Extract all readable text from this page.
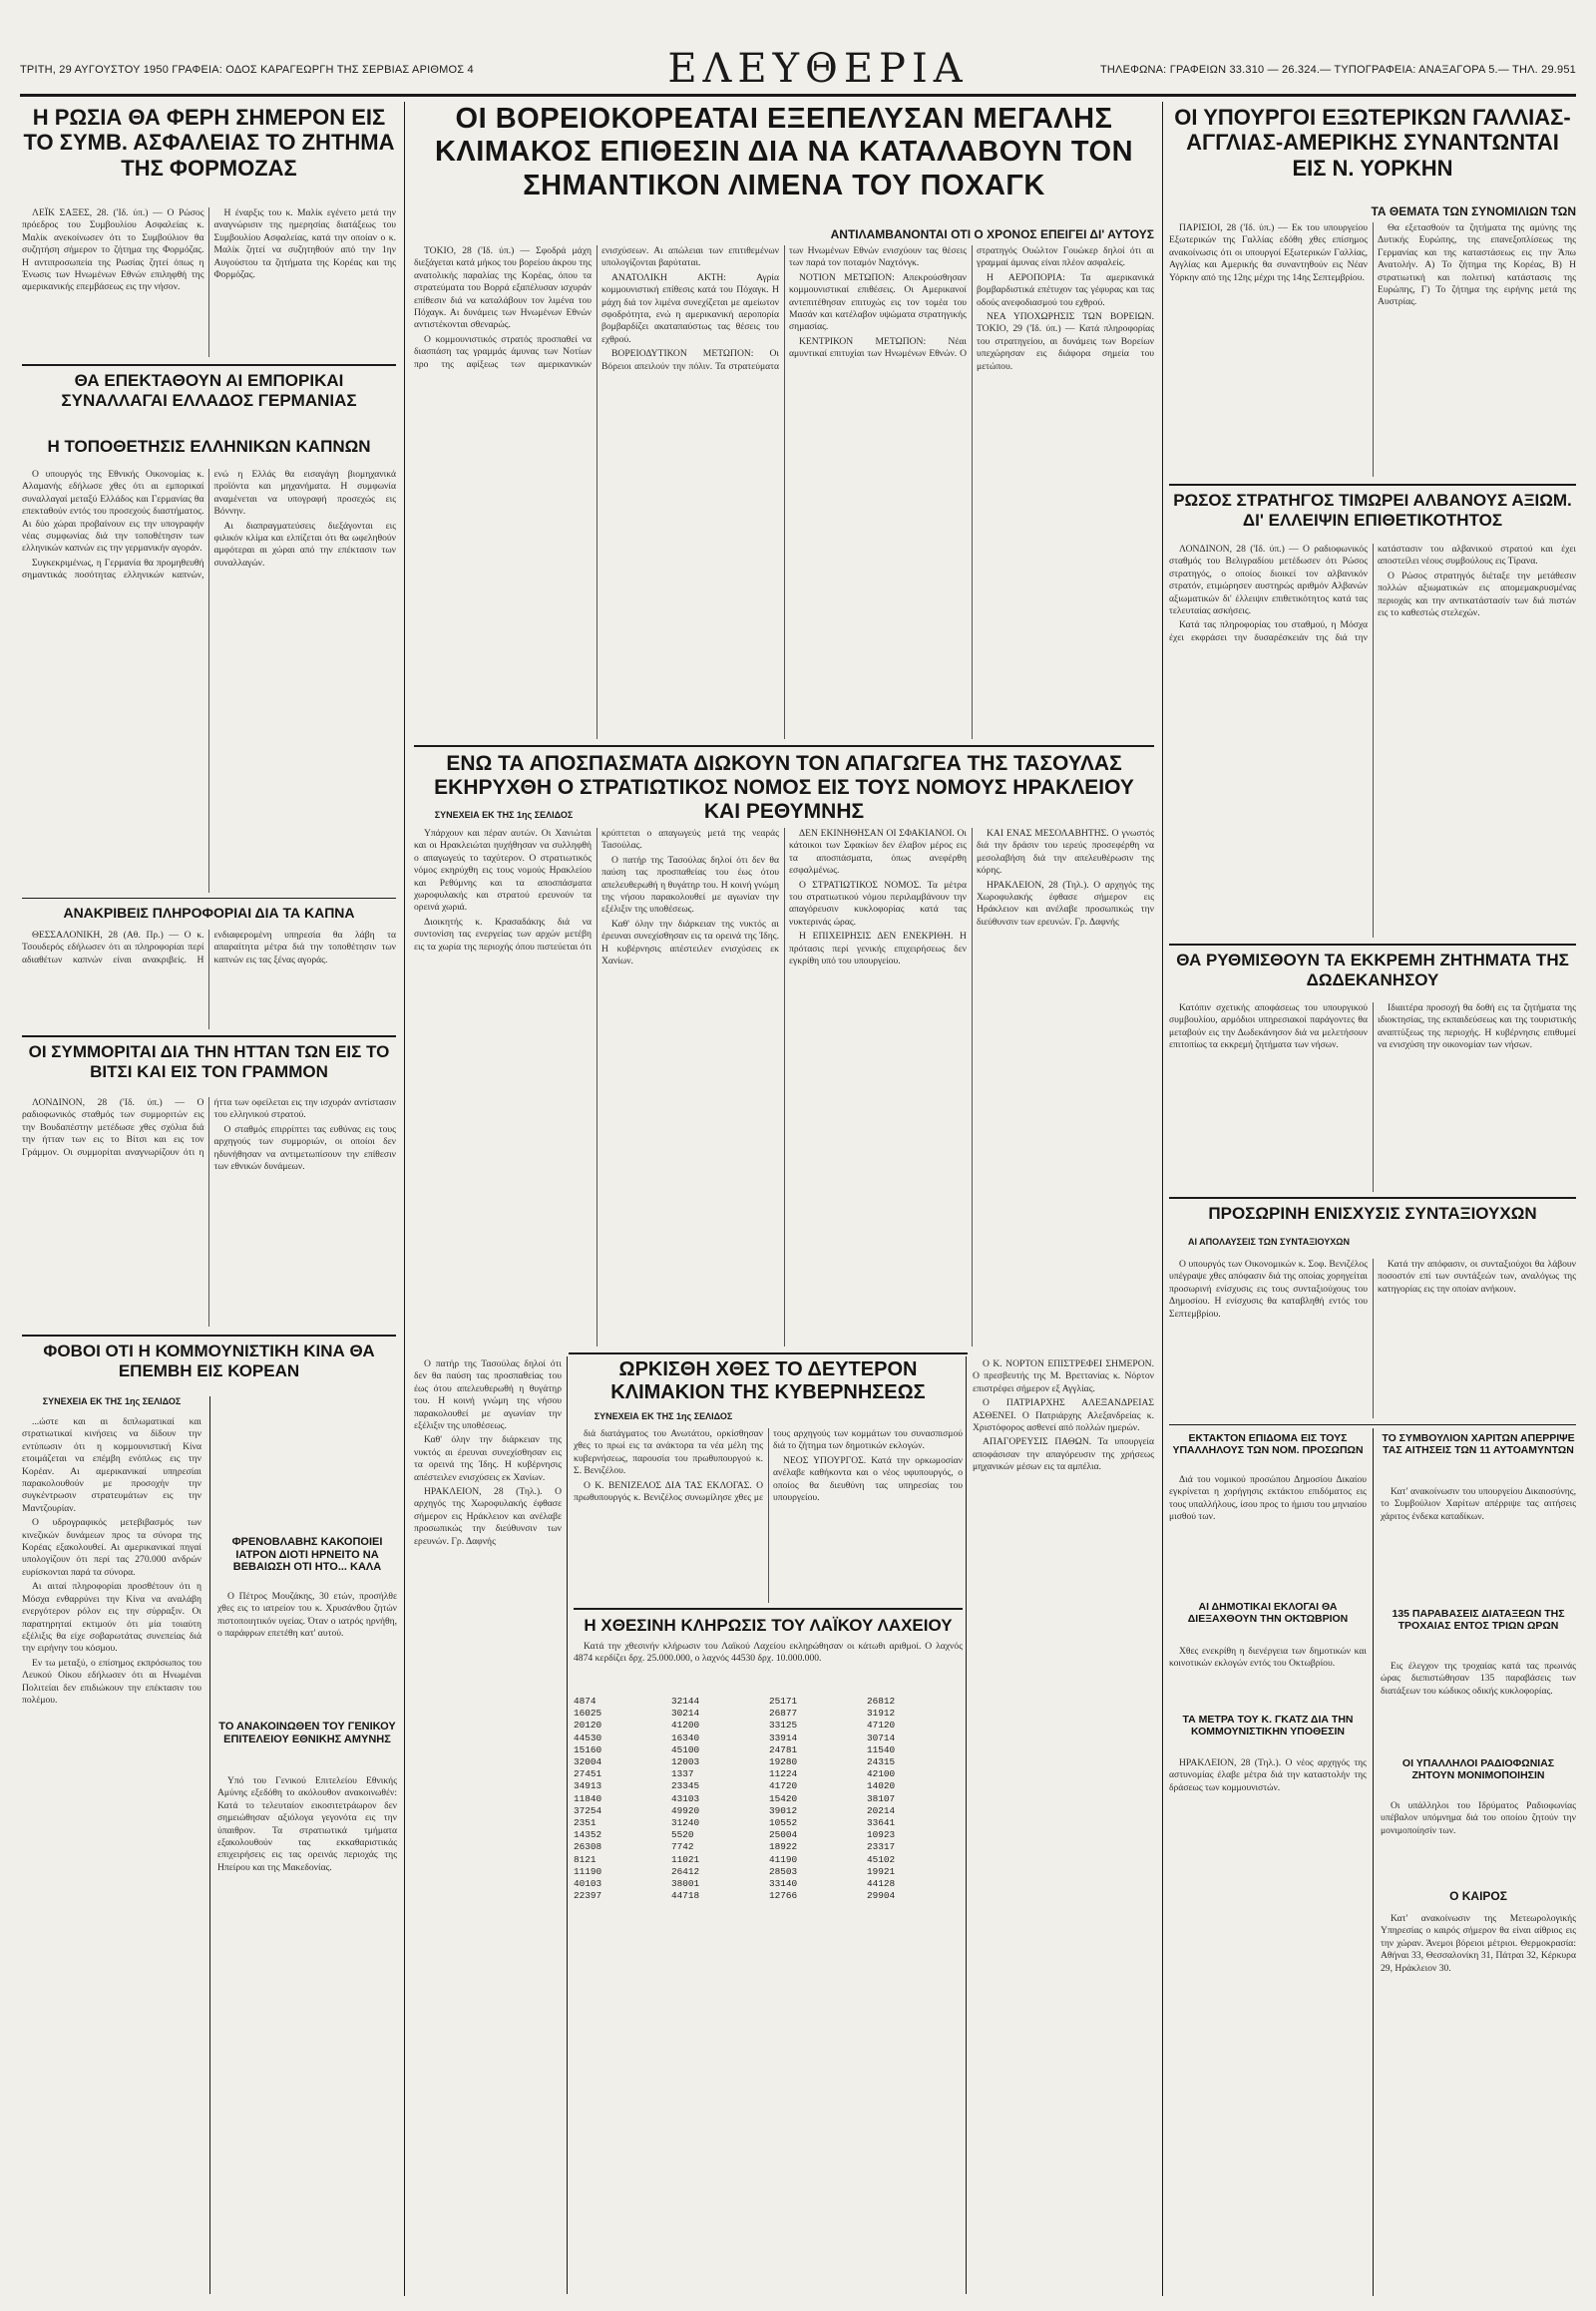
ΤΡΙΤΗ, 29 ΑΥΓΟΥΣΤΟΥ 1950 ΓΡΑΦΕΙΑ: ΟΔΟΣ ΚΑΡΑΓΕΩΡΓΗ ΤΗΣ ΣΕΡΒΙΑΣ ΑΡΙΘΜΟΣ 4	ΕΛΕΥΘΕΡΙΑ	ΤΗΛΕΦΩΝΑ: ΓΡΑΦΕΙΩΝ 33.310 — 26.324.— ΤΥΠΟΓΡΑΦΕΙΑ: ΑΝΑΞΑΓΟΡΑ 5.— ΤΗΛ. 29.951
Η ΡΩΣΙΑ ΘΑ ΦΕΡΗ ΣΗΜΕΡΟΝ ΕΙΣ ΤΟ ΣΥΜΒ. ΑΣΦΑΛΕΙΑΣ ΤΟ ΖΗΤΗΜΑ ΤΗΣ ΦΟΡΜΟΖΑΣ

ΛΕΪΚ ΣΑΞΕΣ, 28. ('Ιδ. ύπ.) — Ο Ρώσος πρόεδρος του Συμβουλίου Ασφαλείας κ. Μαλίκ ανεκοίνωσεν ότι το Συμβούλιον θα συζητήση σήμερον το ζήτημα της Φορμόζας. Η αντιπροσωπεία της Ρωσίας ζητεί όπως η Ένωσις των Ηνωμένων Εθνών επιληφθή της αμερικανικής επεμβάσεως εις την νήσον.

Η έναρξις του κ. Μαλίκ εγένετο μετά την αναγνώρισιν της ημερησίας διατάξεως του Συμβουλίου Ασφαλείας, κατά την οποίαν ο κ. Μαλίκ ζητεί να συζητηθούν από την 1ην Αυγούστου τα ζητήματα της Κορέας και της Φορμόζας.

ΘΑ ΕΠΕΚΤΑΘΟΥΝ ΑΙ ΕΜΠΟΡΙΚΑΙ ΣΥΝΑΛΛΑΓΑΙ ΕΛΛΑΔΟΣ ΓΕΡΜΑΝΙΑΣ
Η ΤΟΠΟΘΕΤΗΣΙΣ ΕΛΛΗΝΙΚΩΝ ΚΑΠΝΩΝ

Ο υπουργός της Εθνικής Οικονομίας κ. Αλαμανής εδήλωσε χθες ότι αι εμπορικαί συναλλαγαί μεταξύ Ελλάδος και Γερμανίας θα επεκταθούν εντός του προσεχούς διαστήματος. Αι δύο χώραι προβαίνουν εις την υπογραφήν νέας συμφωνίας διά την τοποθέτησιν των ελληνικών καπνών εις την γερμανικήν αγοράν.

Συγκεκριμένως, η Γερμανία θα προμηθευθή σημαντικάς ποσότητας ελληνικών καπνών, ενώ η Ελλάς θα εισαγάγη βιομηχανικά προϊόντα και μηχανήματα. Η συμφωνία αναμένεται να υπογραφή προσεχώς εις Βόννην.

Αι διαπραγματεύσεις διεξάγονται εις φιλικόν κλίμα και ελπίζεται ότι θα ωφεληθούν αμφότεραι αι χώραι από την επέκτασιν των συναλλαγών.

ΑΝΑΚΡΙΒΕΙΣ ΠΛΗΡΟΦΟΡΙΑΙ ΔΙΑ ΤΑ ΚΑΠΝΑ

ΘΕΣΣΑΛΟΝΙΚΗ, 28 (Αθ. Πρ.) — Ο κ. Τσουδερός εδήλωσεν ότι αι πληροφορίαι περί αδιαθέτων καπνών είναι ανακριβείς. Η ενδιαφερομένη υπηρεσία θα λάβη τα απαραίτητα μέτρα διά την τοποθέτησιν των καπνών εις τας ξένας αγοράς.

ΟΙ ΣΥΜΜΟΡΙΤΑΙ ΔΙΑ ΤΗΝ ΗΤΤΑΝ ΤΩΝ ΕΙΣ ΤΟ ΒΙΤΣΙ ΚΑΙ ΕΙΣ ΤΟΝ ΓΡΑΜΜΟΝ

ΛΟΝΔΙΝΟΝ, 28 ('Ιδ. ύπ.) — Ο ραδιοφωνικός σταθμός των συμμοριτών εις την Βουδαπέστην μετέδωσε χθες σχόλια διά την ήτταν των εις το Βίτσι και εις τον Γράμμον. Οι συμμορίται αναγνωρίζουν ότι η ήττα των οφείλεται εις την ισχυράν αντίστασιν του ελληνικού στρατού.

Ο σταθμός επιρρίπτει τας ευθύνας εις τους αρχηγούς των συμμοριών, οι οποίοι δεν ηδυνήθησαν να αντιμετωπίσουν την επίθεσιν των εθνικών δυνάμεων.

ΦΟΒΟΙ ΟΤΙ Η ΚΟΜΜΟΥΝΙΣΤΙΚΗ ΚΙΝΑ ΘΑ ΕΠΕΜΒΗ ΕΙΣ ΚΟΡΕΑΝ
ΣΥΝΕΧΕΙΑ ΕΚ ΤΗΣ 1ης ΣΕΛΙΔΟΣ

...ώστε και αι διπλωματικαί και στρατιωτικαί κινήσεις να δίδουν την εντύπωσιν ότι η κομμουνιστική Κίνα ετοιμάζεται να επέμβη ενόπλως εις την Κορέαν. Αι αμερικανικαί υπηρεσίαι παρακολουθούν με προσοχήν την συγκέντρωσιν στρατευμάτων εις την Μαντζουρίαν.

Ο υδρογραφικός μετεβιβασμός των κινεζικών δυνάμεων προς τα σύνορα της Κορέας εξακολουθεί. Αι αμερικανικαί πηγαί υπολογίζουν ότι περί τας 270.000 ανδρών ευρίσκονται παρά τα σύνορα.

Αι αιταί πληροφορίαι προσθέτουν ότι η Μόσχα ενθαρρύνει την Κίνα να αναλάβη ενεργότερον ρόλον εις την σύρραξιν. Οι παρατηρηταί εκτιμούν ότι μία τοιαύτη εξέλιξις θα είχε σοβαρωτάτας συνεπείας διά την ειρήνην του κόσμου.

Εν τω μεταξύ, ο επίσημος εκπρόσωπος του Λευκού Οίκου εδήλωσεν ότι αι Ηνωμέναι Πολιτείαι δεν επιδιώκουν την επέκτασιν του πολέμου.

ΦΡΕΝΟΒΛΑΒΗΣ ΚΑΚΟΠΟΙΕΙ ΙΑΤΡΟΝ ΔΙΟΤΙ ΗΡΝΕΙΤΟ ΝΑ ΒΕΒΑΙΩΣΗ ΟΤΙ ΗΤΟ... ΚΑΛΑ

Ο Πέτρος Μουζάκης, 30 ετών, προσήλθε χθες εις το ιατρείον του κ. Χρυσάνθου ζητών πιστοποιητικόν υγείας. Όταν ο ιατρός ηρνήθη, ο παράφρων επετέθη κατ' αυτού.

ΤΟ ΑΝΑΚΟΙΝΩΘΕΝ ΤΟΥ ΓΕΝΙΚΟΥ ΕΠΙΤΕΛΕΙΟΥ ΕΘΝΙΚΗΣ ΑΜΥΝΗΣ

Υπό του Γενικού Επιτελείου Εθνικής Αμύνης εξεδόθη το ακόλουθον ανακοινωθέν: Κατά το τελευταίον εικοσιτετράωρον δεν σημειώθησαν αξιόλογα γεγονότα εις την ύπαιθρον. Τα στρατιωτικά τμήματα εξακολουθούν τας εκκαθαριστικάς επιχειρήσεις εις τας ορεινάς περιοχάς της Ηπείρου και της Μακεδονίας.

ΟΙ ΒΟΡΕΙΟΚΟΡΕΑΤΑΙ ΕΞΕΠΕΛΥΣΑΝ ΜΕΓΑΛΗΣ ΚΛΙΜΑΚΟΣ ΕΠΙΘΕΣΙΝ ΔΙΑ ΝΑ ΚΑΤΑΛΑΒΟΥΝ ΤΟΝ ΣΗΜΑΝΤΙΚΟΝ ΛΙΜΕΝΑ ΤΟΥ ΠΟΧΑΓΚ
ΑΝΤΙΛΑΜΒΑΝΟΝΤΑΙ ΟΤΙ Ο ΧΡΟΝΟΣ ΕΠΕΙΓΕΙ ΔΙ' ΑΥΤΟΥΣ

ΤΟΚΙΟ, 28 ('Ιδ. ύπ.) — Σφοδρά μάχη διεξάγεται κατά μήκος του βορείου άκρου της ανατολικής παραλίας της Κορέας, όπου τα στρατεύματα του Βορρά εξαπέλυσαν ισχυράν επίθεσιν διά να καταλάβουν τον λιμένα του Πόχαγκ. Αι δυνάμεις των Ηνωμένων Εθνών αντιστέκονται σθεναρώς.

Ο κομμουνιστικός στρατός προσπαθεί να διασπάση τας γραμμάς άμυνας των Νοτίων προ της αφίξεως των αμερικανικών ενισχύσεων. Αι απώλειαι των επιτιθεμένων υπολογίζονται βαρύταται.

ΑΝΑΤΟΛΙΚΗ ΑΚΤΗ: Αγρία κομμουνιστική επίθεσις κατά του Πόχαγκ. Η μάχη διά τον λιμένα συνεχίζεται με αμείωτον σφοδρότητα, ενώ η αμερικανική αεροπορία βομβαρδίζει ακαταπαύστως τας θέσεις του εχθρού.

ΒΟΡΕΙΟΔΥΤΙΚΟΝ ΜΕΤΩΠΟΝ: Οι Βόρειοι απειλούν την πόλιν. Τα στρατεύματα των Ηνωμένων Εθνών ενισχύουν τας θέσεις των παρά τον ποταμόν Ναχτόνγκ.

ΝΟΤΙΟΝ ΜΕΤΩΠΟΝ: Απεκρούσθησαν κομμουνιστικαί επιθέσεις. Οι Αμερικανοί αντεπιτέθησαν επιτυχώς εις τον τομέα του Μασάν και κατέλαβον υψώματα στρατηγικής σημασίας.

ΚΕΝΤΡΙΚΟΝ ΜΕΤΩΠΟΝ: Νέαι αμυντικαί επιτυχίαι των Ηνωμένων Εθνών. Ο στρατηγός Ουώλτον Γουώκερ δηλοί ότι αι γραμμαί άμυνας είναι πλέον ασφαλείς.

Η ΑΕΡΟΠΟΡΙΑ: Τα αμερικανικά βομβαρδιστικά επέτυχον τας γέφυρας και τας οδούς ανεφοδιασμού του εχθρού.

ΝΕΑ ΥΠΟΧΩΡΗΣΙΣ ΤΩΝ ΒΟΡΕΙΩΝ. ΤΟΚΙΟ, 29 ('Ιδ. ύπ.) — Κατά πληροφορίας του στρατηγείου, αι δυνάμεις των Βορείων υπεχώρησαν εις διάφορα σημεία του μετώπου.

ΟΙ ΥΠΟΥΡΓΟΙ ΕΞΩΤΕΡΙΚΩΝ ΓΑΛΛΙΑΣ-ΑΓΓΛΙΑΣ-ΑΜΕΡΙΚΗΣ ΣΥΝΑΝΤΩΝΤΑΙ ΕΙΣ Ν. ΥΟΡΚΗΝ
ΤΑ ΘΕΜΑΤΑ ΤΩΝ ΣΥΝΟΜΙΛΙΩΝ ΤΩΝ

ΠΑΡΙΣΙΟΙ, 28 ('Ιδ. ύπ.) — Εκ του υπουργείου Εξωτερικών της Γαλλίας εδόθη χθες επίσημος ανακοίνωσις ότι οι υπουργοί Εξωτερικών Γαλλίας, Αγγλίας και Αμερικής θα συναντηθούν εις Νέαν Υόρκην από της 12ης μέχρι της 14ης Σεπτεμβρίου.

Θα εξετασθούν τα ζητήματα της αμύνης της Δυτικής Ευρώπης, της επανεξοπλίσεως της Γερμανίας και της καταστάσεως εις την Άπω Ανατολήν. Α) Το ζήτημα της Κορέας, Β) Η στρατιωτική και πολιτική κατάστασις της Ευρώπης, Γ) Το ζήτημα της ειρήνης μετά της Αυστρίας.

ΡΩΣΟΣ ΣΤΡΑΤΗΓΟΣ ΤΙΜΩΡΕΙ ΑΛΒΑΝΟΥΣ ΑΞΙΩΜ. ΔΙ' ΕΛΛΕΙΨΙΝ ΕΠΙΘΕΤΙΚΟΤΗΤΟΣ

ΛΟΝΔΙΝΟΝ, 28 ('Ιδ. ύπ.) — Ο ραδιοφωνικός σταθμός του Βελιγραδίου μετέδωσεν ότι Ρώσος στρατηγός, ο οποίος διοικεί τον αλβανικόν στρατόν, ετιμώρησεν αυστηρώς αριθμόν Αλβανών αξιωματικών δι' έλλειψιν επιθετικότητος κατά τας τελευταίας ασκήσεις.

Κατά τας πληροφορίας του σταθμού, η Μόσχα έχει εκφράσει την δυσαρέσκειάν της διά την κατάστασιν του αλβανικού στρατού και έχει αποστείλει νέους συμβούλους εις Τίρανα.

Ο Ρώσος στρατηγός διέταξε την μετάθεσιν πολλών αξιωματικών εις απομεμακρυσμένας περιοχάς και την αντικατάστασίν των διά πιστών εις το καθεστώς στελεχών.

ΘΑ ΡΥΘΜΙΣΘΟΥΝ ΤΑ ΕΚΚΡΕΜΗ ΖΗΤΗΜΑΤΑ ΤΗΣ ΔΩΔΕΚΑΝΗΣΟΥ

Κατόπιν σχετικής αποφάσεως του υπουργικού συμβουλίου, αρμόδιοι υπηρεσιακοί παράγοντες θα μεταβούν εις την Δωδεκάνησον διά να μελετήσουν επιτοπίως τα εκκρεμή ζητήματα των νήσων.

Ιδιαιτέρα προσοχή θα δοθή εις τα ζητήματα της ιδιοκτησίας, της εκπαιδεύσεως και της τουριστικής αναπτύξεως της περιοχής. Η κυβέρνησις επιθυμεί να ενισχύση την οικονομίαν των νήσων.

ΠΡΟΣΩΡΙΝΗ ΕΝΙΣΧΥΣΙΣ ΣΥΝΤΑΞΙΟΥΧΩΝ
ΑΙ ΑΠΟΛΑΥΣΕΙΣ ΤΩΝ ΣΥΝΤΑΞΙΟΥΧΩΝ

Ο υπουργός των Οικονομικών κ. Σοφ. Βενιζέλος υπέγραψε χθες απόφασιν διά της οποίας χορηγείται προσωρινή ενίσχυσις εις τους συνταξιούχους του Δημοσίου. Η ενίσχυσις θα καταβληθή εντός του Σεπτεμβρίου.

Κατά την απόφασιν, οι συνταξιούχοι θα λάβουν ποσοστόν επί των συντάξεών των, αναλόγως της κατηγορίας εις την οποίαν ανήκουν.

ΕΚΤΑΚΤΟΝ ΕΠΙΔΟΜΑ ΕΙΣ ΤΟΥΣ ΥΠΑΛΛΗΛΟΥΣ ΤΩΝ ΝΟΜ. ΠΡΟΣΩΠΩΝ

Διά του νομικού προσώπου Δημοσίου Δικαίου εγκρίνεται η χορήγησις εκτάκτου επιδόματος εις τους υπαλλήλους, ίσου προς το ήμισυ του μηνιαίου μισθού των.

ΑΙ ΔΗΜΟΤΙΚΑΙ ΕΚΛΟΓΑΙ ΘΑ ΔΙΕΞΑΧΘΟΥΝ ΤΗΝ ΟΚΤΩΒΡΙΟΝ

Χθες ενεκρίθη η διενέργεια των δημοτικών και κοινοτικών εκλογών εντός του Οκτωβρίου.

ΤΑ ΜΕΤΡΑ ΤΟΥ Κ. ΓΚΑΤΖ ΔΙΑ ΤΗΝ ΚΟΜΜΟΥΝΙΣΤΙΚΗΝ ΥΠΟΘΕΣΙΝ

ΗΡΑΚΛΕΙΟΝ, 28 (Τηλ.). Ο νέος αρχηγός της αστυνομίας έλαβε μέτρα διά την καταστολήν της δράσεως των κομμουνιστών.

ΤΟ ΣΥΜΒΟΥΛΙΟΝ ΧΑΡΙΤΩΝ ΑΠΕΡΡΙΨΕ ΤΑΣ ΑΙΤΗΣΕΙΣ ΤΩΝ 11 ΑΥΤΟΑΜΥΝΤΩΝ

Κατ' ανακοίνωσιν του υπουργείου Δικαιοσύνης, το Συμβούλιον Χαρίτων απέρριψε τας αιτήσεις χάριτος ένδεκα καταδίκων.

135 ΠΑΡΑΒΑΣΕΙΣ ΔΙΑΤΑΞΕΩΝ ΤΗΣ ΤΡΟΧΑΙΑΣ ΕΝΤΟΣ ΤΡΙΩΝ ΩΡΩΝ

Εις έλεγχον της τροχαίας κατά τας πρωινάς ώρας διεπιστώθησαν 135 παραβάσεις των διατάξεων του κώδικος οδικής κυκλοφορίας.

ΟΙ ΥΠΑΛΛΗΛΟΙ ΡΑΔΙΟΦΩΝΙΑΣ ΖΗΤΟΥΝ ΜΟΝΙΜΟΠΟΙΗΣΙΝ

Οι υπάλληλοι του Ιδρύματος Ραδιοφωνίας υπέβαλον υπόμνημα διά του οποίου ζητούν την μονιμοποίησίν των.

Ο ΚΑΙΡΟΣ

Κατ' ανακοίνωσιν της Μετεωρολογικής Υπηρεσίας ο καιρός σήμερον θα είναι αίθριος εις την χώραν. Άνεμοι βόρειοι μέτριοι. Θερμοκρασία: Αθήναι 33, Θεσσαλονίκη 31, Πάτραι 32, Κέρκυρα 29, Ηράκλειον 30.

ΕΝΩ ΤΑ ΑΠΟΣΠΑΣΜΑΤΑ ΔΙΩΚΟΥΝ ΤΟΝ ΑΠΑΓΩΓΕΑ ΤΗΣ ΤΑΣΟΥΛΑΣ ΕΚΗΡΥΧΘΗ Ο ΣΤΡΑΤΙΩΤΙΚΟΣ ΝΟΜΟΣ ΕΙΣ ΤΟΥΣ ΝΟΜΟΥΣ ΗΡΑΚΛΕΙΟΥ ΚΑΙ ΡΕΘΥΜΝΗΣ
ΣΥΝΕΧΕΙΑ ΕΚ ΤΗΣ 1ης ΣΕΛΙΔΟΣ

Υπάρχουν και πέραν αυτών. Οι Χανιώται και οι Ηρακλειώται ηυχήθησαν να συλληφθή ο απαγωγεύς το ταχύτερον. Ο στρατιωτικός νόμος εκηρύχθη εις τους νομούς Ηρακλείου και Ρεθύμνης και τα αποσπάσματα χωροφυλακής και στρατού ερευνούν τα ορεινά χωριά.

Διοικητής κ. Κρασαδάκης διά να συντονίση τας ενεργείας των αρχών μετέβη εις τα χωρία της περιοχής όπου πιστεύεται ότι κρύπτεται ο απαγωγεύς μετά της νεαράς Τασούλας.

Ο πατήρ της Τασούλας δηλοί ότι δεν θα παύση τας προσπαθείας του έως ότου απελευθερωθή η θυγάτηρ του. Η κοινή γνώμη της νήσου παρακολουθεί με αγωνίαν την εξέλιξιν της υποθέσεως.

Καθ' όλην την διάρκειαν της νυκτός αι έρευναι συνεχίσθησαν εις τα ορεινά της Ίδης. Η κυβέρνησις απέστειλεν ενισχύσεις εκ Χανίων.

ΔΕΝ ΕΚΙΝΗΘΗΣΑΝ ΟΙ ΣΦΑΚΙΑΝΟΙ. Οι κάτοικοι των Σφακίων δεν έλαβον μέρος εις τα αποσπάσματα, όπως ανεφέρθη εσφαλμένως.

Ο ΣΤΡΑΤΙΩΤΙΚΟΣ ΝΟΜΟΣ. Τα μέτρα του στρατιωτικού νόμου περιλαμβάνουν την απαγόρευσιν κυκλοφορίας κατά τας νυκτερινάς ώρας.

Η ΕΠΙΧΕΙΡΗΣΙΣ ΔΕΝ ΕΝΕΚΡΙΘΗ. Η πρότασις περί γενικής επιχειρήσεως δεν εγκρίθη υπό του υπουργείου.

ΚΑΙ ΕΝΑΣ ΜΕΣΟΛΑΒΗΤΗΣ. Ο γνωστός διά την δράσιν του ιερεύς προσεφέρθη να μεσολαβήση διά την απελευθέρωσιν της κόρης.

ΗΡΑΚΛΕΙΟΝ, 28 (Τηλ.). Ο αρχηγός της Χωροφυλακής έφθασε σήμερον εις Ηράκλειον και ανέλαβε προσωπικώς την διεύθυνσιν των ερευνών. Γρ. Δαφνής

ΩΡΚΙΣΘΗ ΧΘΕΣ ΤΟ ΔΕΥΤΕΡΟΝ ΚΛΙΜΑΚΙΟΝ ΤΗΣ ΚΥΒΕΡΝΗΣΕΩΣ
ΣΥΝΕΧΕΙΑ ΕΚ ΤΗΣ 1ης ΣΕΛΙΔΟΣ

διά διατάγματος του Ανωτάτου, ορκίσθησαν χθες το πρωί εις τα ανάκτορα τα νέα μέλη της κυβερνήσεως, παρουσία του πρωθυπουργού κ. Σ. Βενιζέλου.

Ο Κ. ΒΕΝΙΖΕΛΟΣ ΔΙΑ ΤΑΣ ΕΚΛΟΓΑΣ. Ο πρωθυπουργός κ. Βενιζέλος συνωμίλησε χθες με τους αρχηγούς των κομμάτων του συνασπισμού διά το ζήτημα των δημοτικών εκλογών.

ΝΕΟΣ ΥΠΟΥΡΓΟΣ. Κατά την ορκωμοσίαν ανέλαβε καθήκοντα και ο νέος υφυπουργός, ο οποίος θα διευθύνη τας υπηρεσίας του υπουργείου.

Ο Κ. ΝΟΡΤΟΝ ΕΠΙΣΤΡΕΦΕΙ ΣΗΜΕΡΟΝ. Ο πρεσβευτής της Μ. Βρεττανίας κ. Νόρτον επιστρέφει σήμερον εξ Αγγλίας.

Ο ΠΑΤΡΙΑΡΧΗΣ ΑΛΕΞΑΝΔΡΕΙΑΣ ΑΣΘΕΝΕΙ. Ο Πατριάρχης Αλεξανδρείας κ. Χριστόφορος ασθενεί από πολλών ημερών.

ΑΠΑΓΟΡΕΥΣΙΣ ΠΑΘΩΝ. Τα υπουργεία αποφάσισαν την απαγόρευσιν της χρήσεως μηχανικών μέσων εις τα αμπέλια.

Ο πατήρ της Τασούλας δηλοί ότι δεν θα παύση τας προσπαθείας του έως ότου απελευθερωθή η θυγάτηρ του. Η κοινή γνώμη της νήσου παρακολουθεί με αγωνίαν την εξέλιξιν της υποθέσεως.

Καθ' όλην την διάρκειαν της νυκτός αι έρευναι συνεχίσθησαν εις τα ορεινά της Ίδης. Η κυβέρνησις απέστειλεν ενισχύσεις εκ Χανίων.

ΗΡΑΚΛΕΙΟΝ, 28 (Τηλ.). Ο αρχηγός της Χωροφυλακής έφθασε σήμερον εις Ηράκλειον και ανέλαβε προσωπικώς την διεύθυνσιν των ερευνών. Γρ. Δαφνής

Η ΧΘΕΣΙΝΗ ΚΛΗΡΩΣΙΣ ΤΟΥ ΛΑΪΚΟΥ ΛΑΧΕΙΟΥ

Κατά την χθεσινήν κλήρωσιν του Λαϊκού Λαχείου εκληρώθησαν οι κάτωθι αριθμοί. Ο λαχνός 4874 κερδίζει δρχ. 25.000.000, ο λαχνός 44530 δρχ. 10.000.000.

4874
16025
20120
44530
15160
32004
27451
34913
11840
37254
2351
14352
26308
8121
11190
40103
22397
32144
30214
41200
16340
45100
12003
1337
23345
43103
49920
31240
5520
7742
11021
26412
38001
44718
25171
26877
33125
33914
24781
19280
11224
41720
15420
39012
10552
25004
18922
41190
28503
33140
12766
26812
31912
47120
30714
11540
24315
42100
14020
38107
20214
33641
10923
23317
45102
19921
44128
29904
